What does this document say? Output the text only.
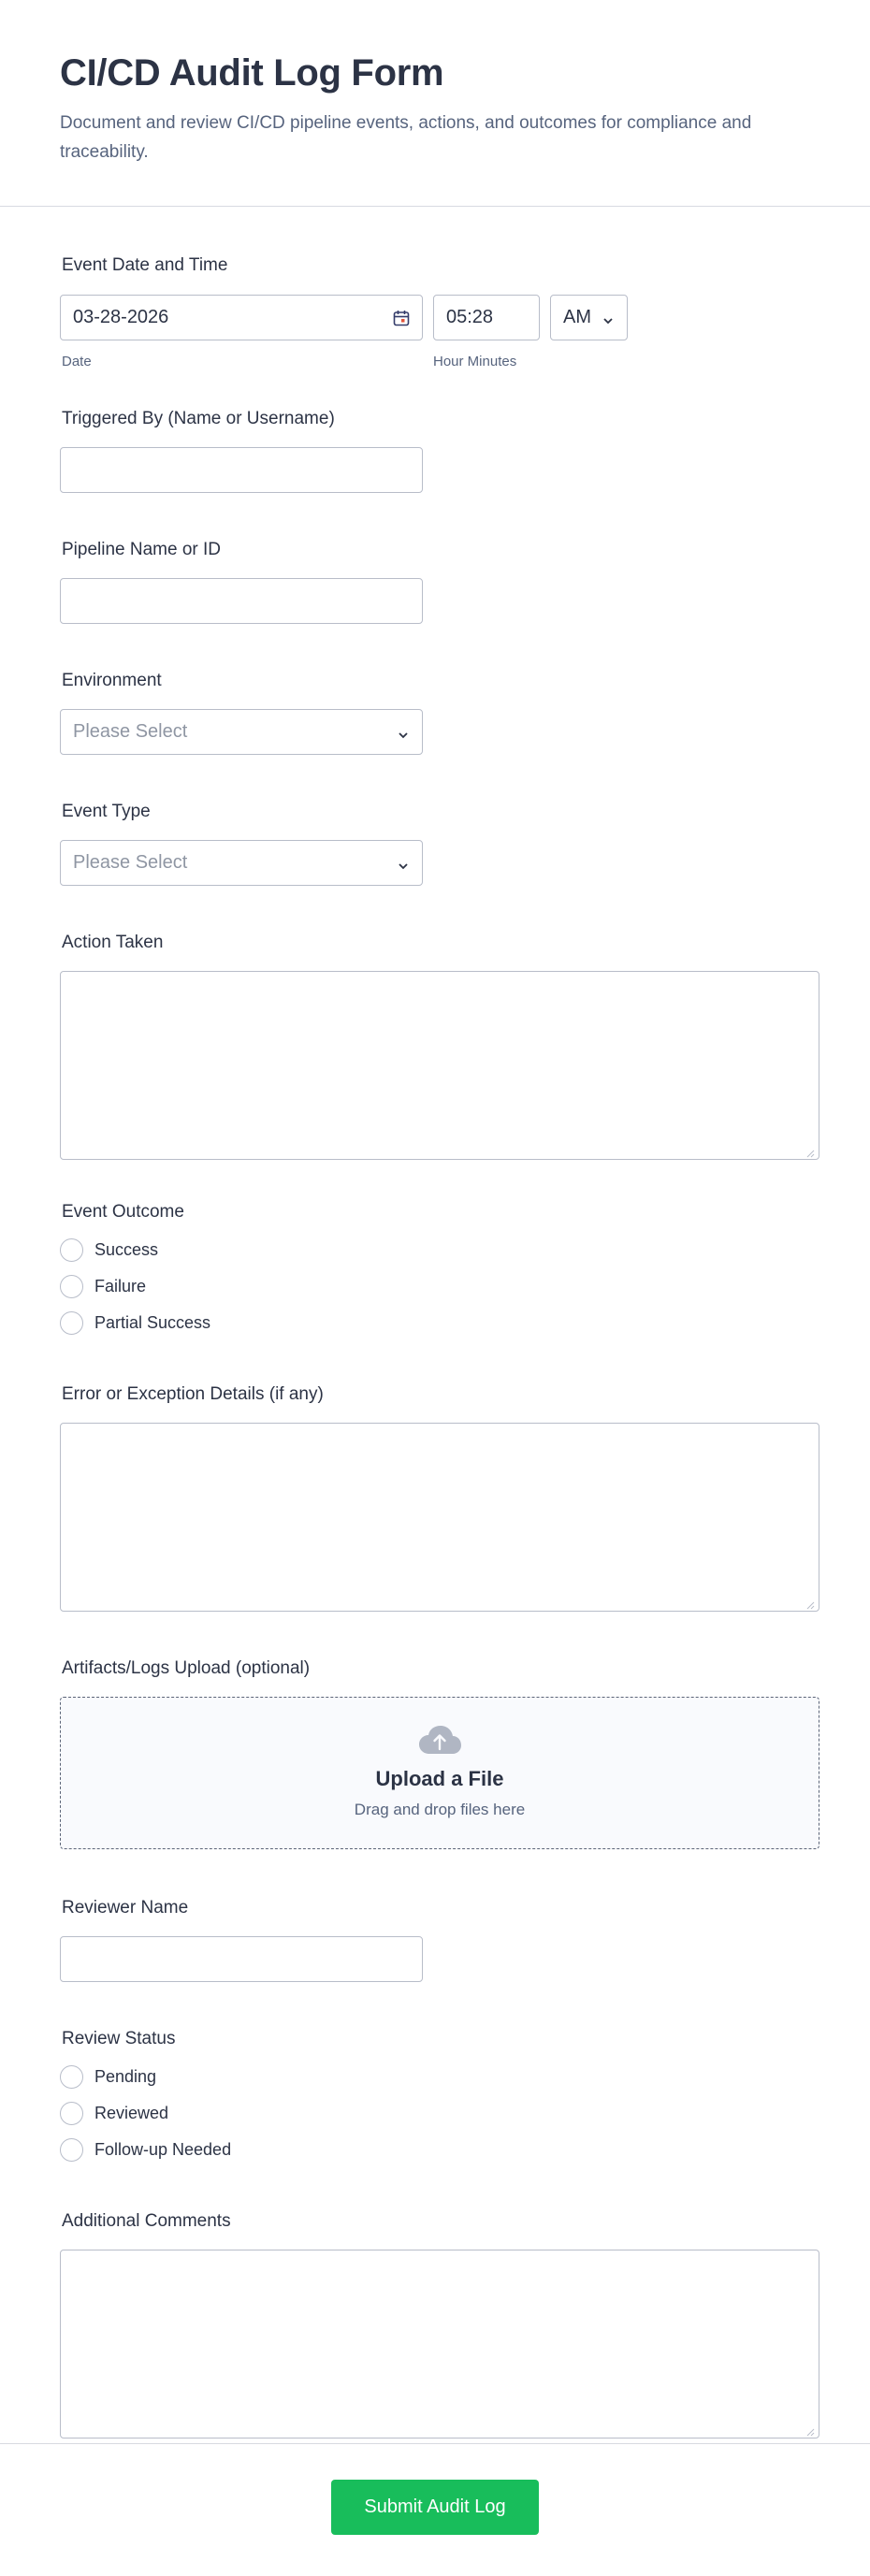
CI/CD Audit Log Form

Document and review CI/CD pipeline events, actions, and outcomes for compliance and traceability.

Event Date and Time
03-28-2026	05:28	AM
Date	Hour Minutes
Triggered By (Name or Username)
Pipeline Name or ID
Environment
Please Select
Event Type
Please Select
Action Taken
Event Outcome
Success
Failure
Partial Success
Error or Exception Details (if any)
Artifacts/Logs Upload (optional)
Upload a File
Drag and drop files here
Reviewer Name
Review Status
Pending
Reviewed
Follow-up Needed
Additional Comments
Submit Audit Log
